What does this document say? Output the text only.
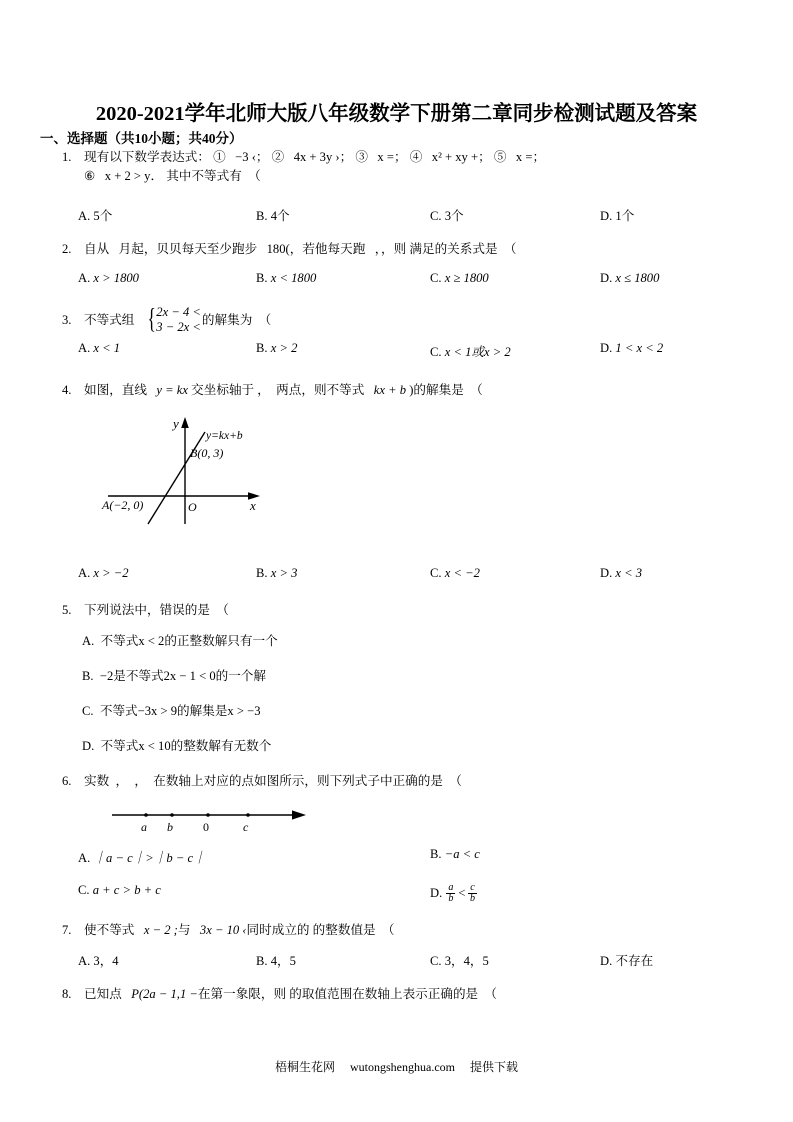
2020-2021学年北师大版八年级数学下册第二章同步检测试题及答案
一、选择题（共10小题；共40分）
1. 现有以下数学表达式： ① −3 ‹； ② 4x + 3y ›； ③ x =； ④ x² + xy +； ⑤ x =；
⑥ x + 2 > y． 其中不等式有 （
A. 5个	B. 4个	C. 3个	D. 1个
2. 自从 月起，贝贝每天至少跑步 180(，若他每天跑 ，，则 满足的关系式是 （
A. x > 1800	B. x < 1800	C. x ≥ 1800	D. x ≤ 1800
3. 不等式组 { 2x − 4 <
3 − 2x <
的解集为 （
A. x < 1	B. x > 2	C. x < 1或x > 2	D. 1 < x < 2
4. 如图，直线 y = kx 交坐标轴于 ， 两点，则不等式 kx + b )的解集是 （
y
x
O
y=kx+b
B(0, 3)
A(−2, 0)
A. x > −2	B. x > 3	C. x < −2	D. x < 3
5. 下列说法中，错误的是 （
A. 不等式x < 2的正整数解只有一个
B. −2是不等式2x − 1 < 0的一个解
C. 不等式−3x > 9的解集是x > −3
D. 不等式x < 10的整数解有无数个
6. 实数 ， ， 在数轴上对应的点如图所示，则下列式子中正确的是 （
a b	0	c
A. ｜a − c｜>｜b − c｜	B. −a < c
C. a + c > b + c	D. $\frac{a}{b} < \frac{c}{b}$
7. 使不等式 x − 2 ;与 3x − 10 ‹同时成立的 的整数值是 （
A. 3，4	B. 4，5	C. 3，4，5	D. 不存在
8. 已知点 P(2a − 1,1 −在第一象限，则 的取值范围在数轴上表示正确的是 （
梧桐生花网 wutongshenghua.com 提供下载
